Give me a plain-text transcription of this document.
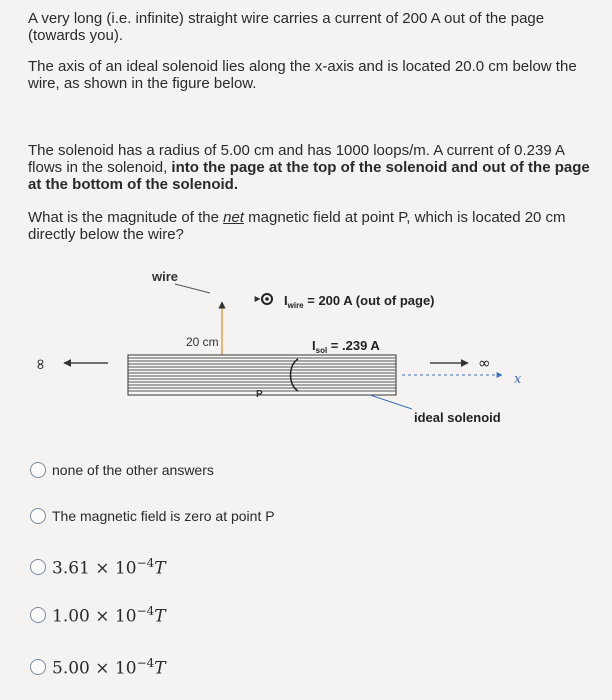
A very long (i.e. infinite) straight wire carries a current of 200 A out of the page (towards you).

The axis of an ideal solenoid lies along the x-axis and is located 20.0 cm below the wire, as shown in the figure below.

The solenoid has a radius of 5.00 cm and has 1000 loops/m. A current of 0.239 A flows in the solenoid, into the page at the top of the solenoid and out of the page at the bottom of the solenoid.

What is the magnitude of the net magnetic field at point P, which is located 20 cm directly below the wire?

wire
$I_{wire} = 200$ A (out of page)
20 cm	$I_{sol} = .239$ A
x
∞	∞
P
ideal solenoid
none of the other answers
The magnetic field is zero at point P
$3.61 \times 10^{-4}T$
$1.00 \times 10^{-4}T$
$5.00 \times 10^{-4}T$
